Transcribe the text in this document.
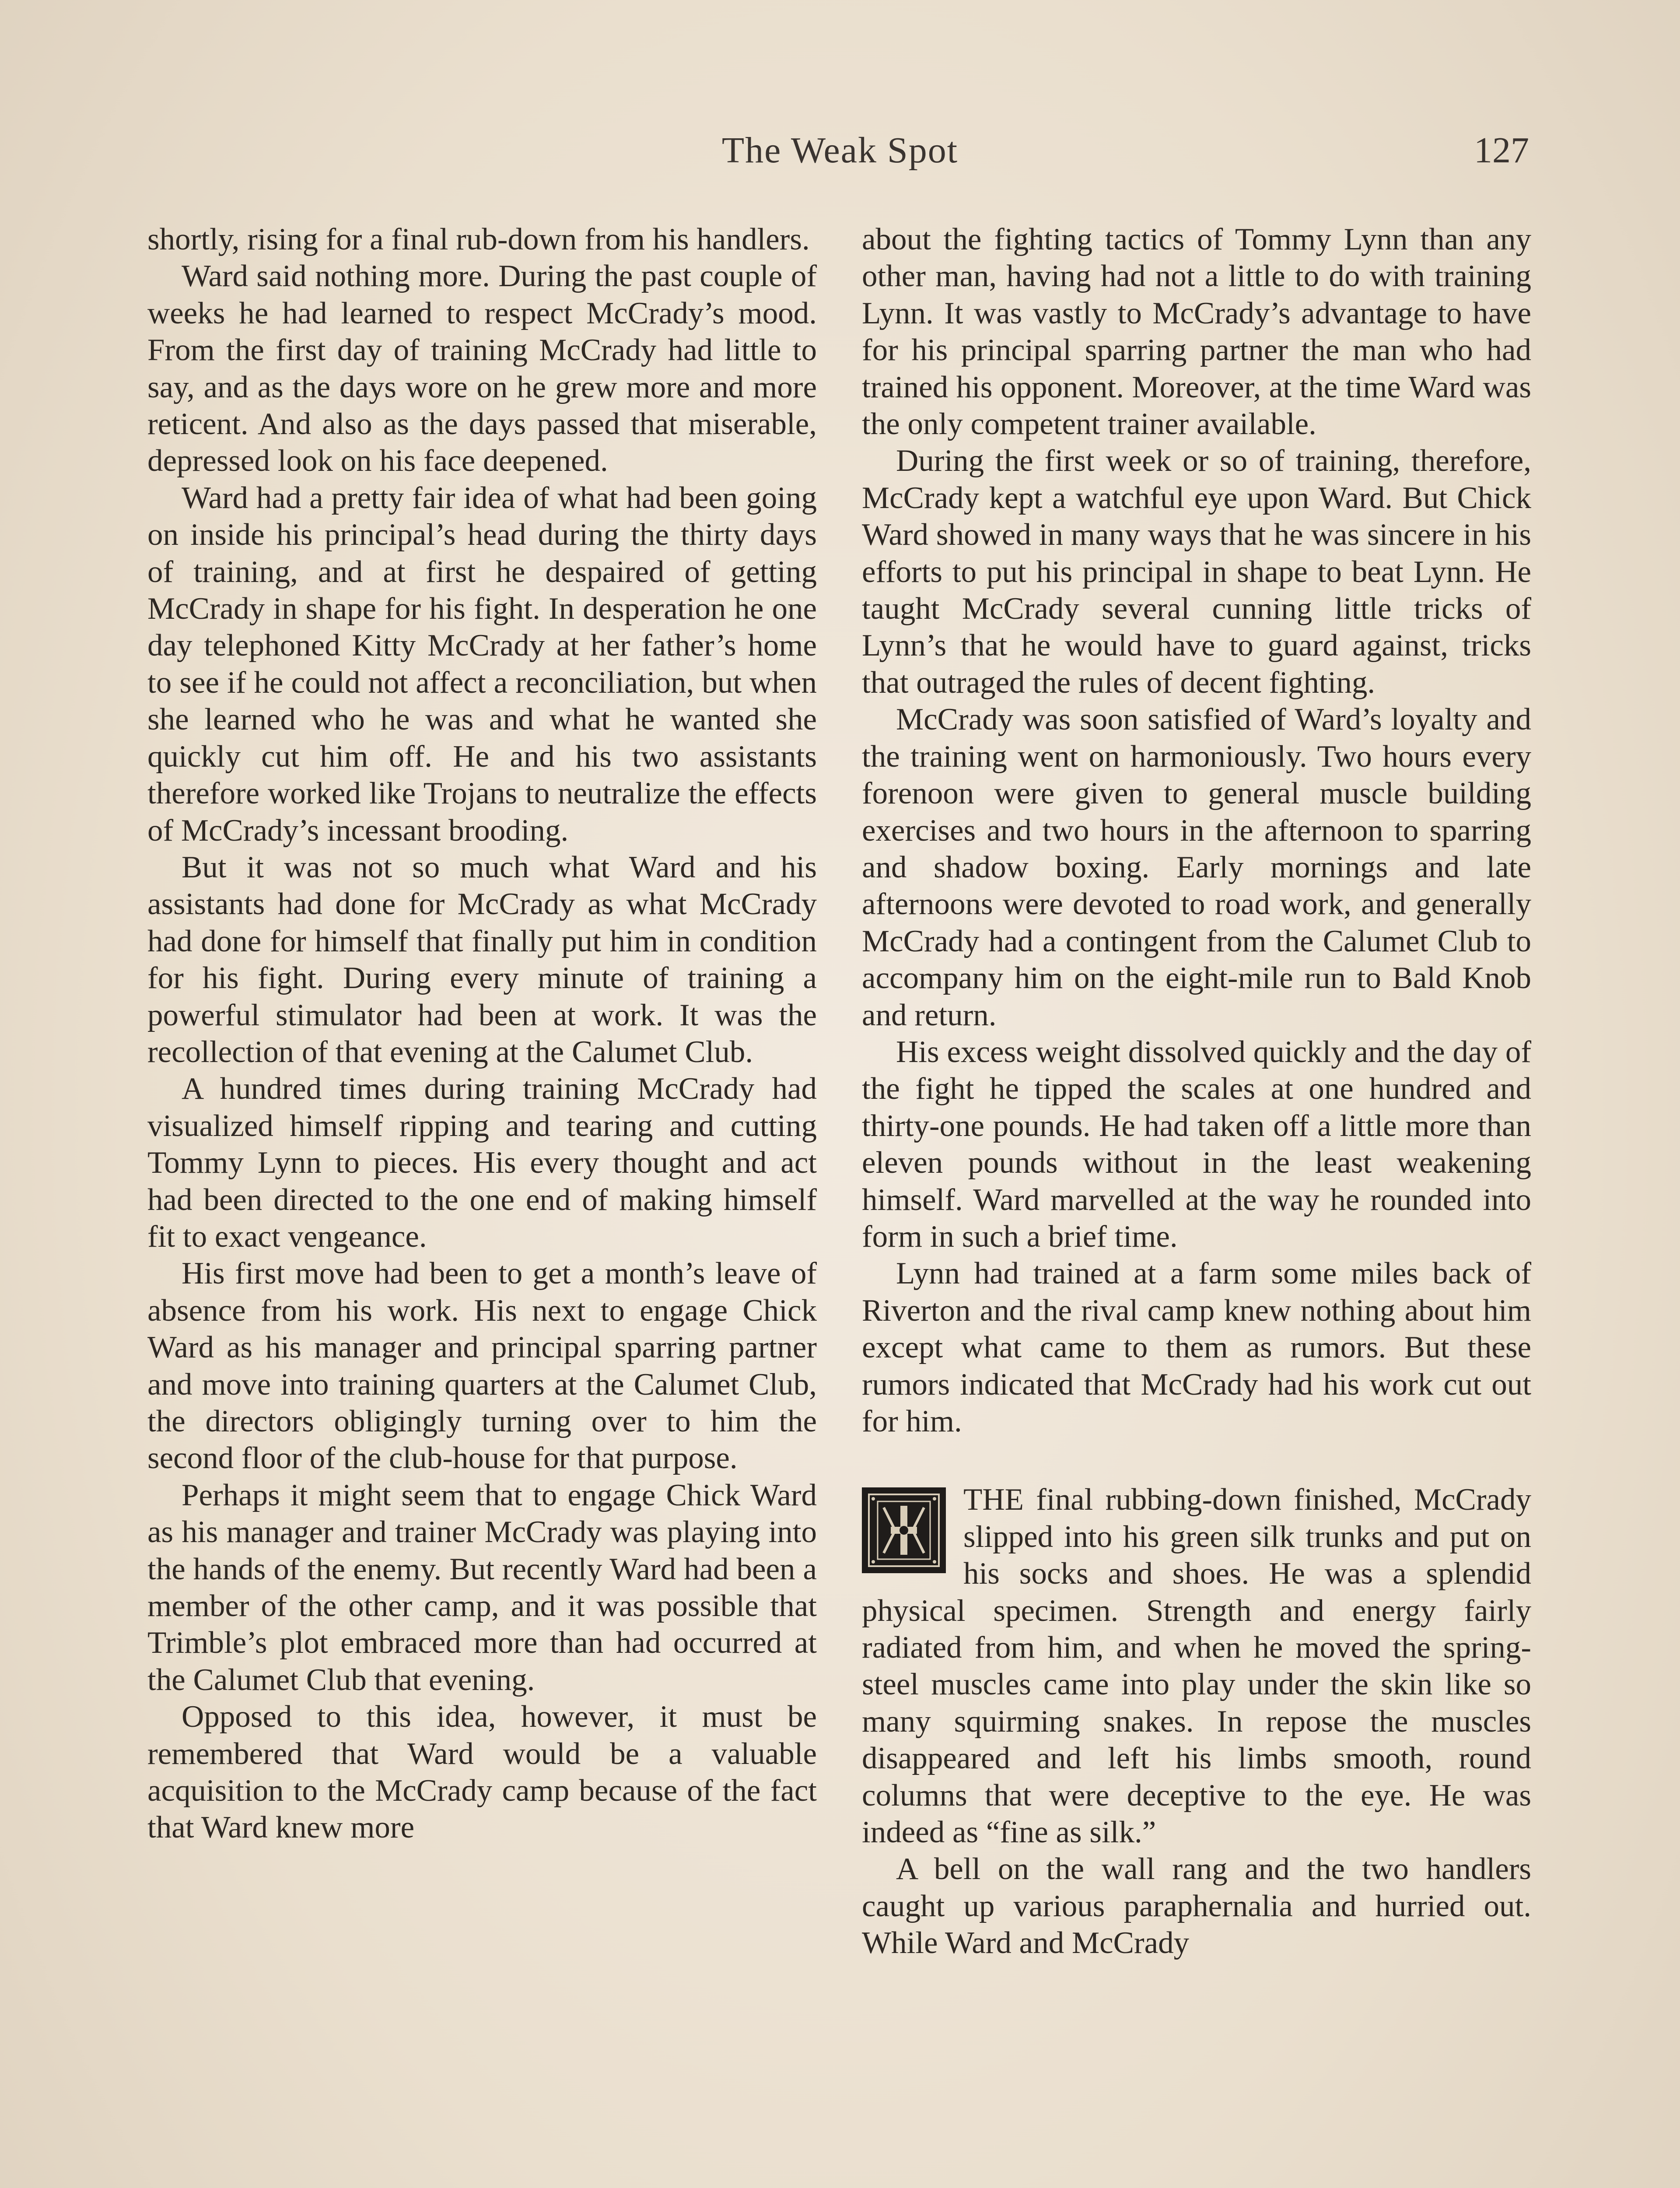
The Weak Spot	127

shortly, rising for a final rub-down from his handlers.

Ward said nothing more. During the past couple of weeks he had learned to respect McCrady’s mood. From the first day of training McCrady had little to say, and as the days wore on he grew more and more reticent. And also as the days passed that miserable, depressed look on his face deepened.

Ward had a pretty fair idea of what had been going on inside his principal’s head during the thirty days of training, and at first he despaired of getting McCrady in shape for his fight. In desperation he one day telephoned Kitty McCrady at her father’s home to see if he could not affect a reconciliation, but when she learned who he was and what he wanted she quickly cut him off. He and his two assistants therefore worked like Trojans to neutralize the effects of McCrady’s incessant brooding.

But it was not so much what Ward and his assistants had done for McCrady as what McCrady had done for himself that finally put him in condition for his fight. During every minute of training a powerful stimulator had been at work. It was the recollection of that evening at the Calumet Club.

A hundred times during training McCrady had visualized himself ripping and tearing and cutting Tommy Lynn to pieces. His every thought and act had been directed to the one end of making himself fit to exact vengeance.

His first move had been to get a month’s leave of absence from his work. His next to engage Chick Ward as his manager and principal sparring partner and move into training quarters at the Calumet Club, the directors obligingly turning over to him the second floor of the club-house for that purpose.

Perhaps it might seem that to engage Chick Ward as his manager and trainer McCrady was playing into the hands of the enemy. But recently Ward had been a member of the other camp, and it was possible that Trimble’s plot embraced more than had occurred at the Calumet Club that evening.

Opposed to this idea, however, it must be remembered that Ward would be a valuable acquisition to the McCrady camp because of the fact that Ward knew more

about the fighting tactics of Tommy Lynn than any other man, having had not a little to do with training Lynn. It was vastly to McCrady’s advantage to have for his principal sparring partner the man who had trained his opponent. Moreover, at the time Ward was the only competent trainer available.

During the first week or so of training, therefore, McCrady kept a watchful eye upon Ward. But Chick Ward showed in many ways that he was sincere in his efforts to put his principal in shape to beat Lynn. He taught McCrady several cunning little tricks of Lynn’s that he would have to guard against, tricks that outraged the rules of decent fighting.

McCrady was soon satisfied of Ward’s loyalty and the training went on harmoniously. Two hours every forenoon were given to general muscle building exercises and two hours in the afternoon to sparring and shadow boxing. Early mornings and late afternoons were devoted to road work, and generally McCrady had a contingent from the Calumet Club to accompany him on the eight-mile run to Bald Knob and return.

His excess weight dissolved quickly and the day of the fight he tipped the scales at one hundred and thirty-one pounds. He had taken off a little more than eleven pounds without in the least weakening himself. Ward marvelled at the way he rounded into form in such a brief time.

Lynn had trained at a farm some miles back of Riverton and the rival camp knew nothing about him except what came to them as rumors. But these rumors indicated that McCrady had his work cut out for him.

THE final rubbing-down finished, McCrady slipped into his green silk trunks and put on his socks and shoes. He was a splendid physical specimen. Strength and energy fairly radiated from him, and when he moved the spring-steel muscles came into play under the skin like so many squirming snakes. In repose the muscles disappeared and left his limbs smooth, round columns that were deceptive to the eye. He was indeed as “fine as silk.”

A bell on the wall rang and the two handlers caught up various paraphernalia and hurried out. While Ward and McCrady
